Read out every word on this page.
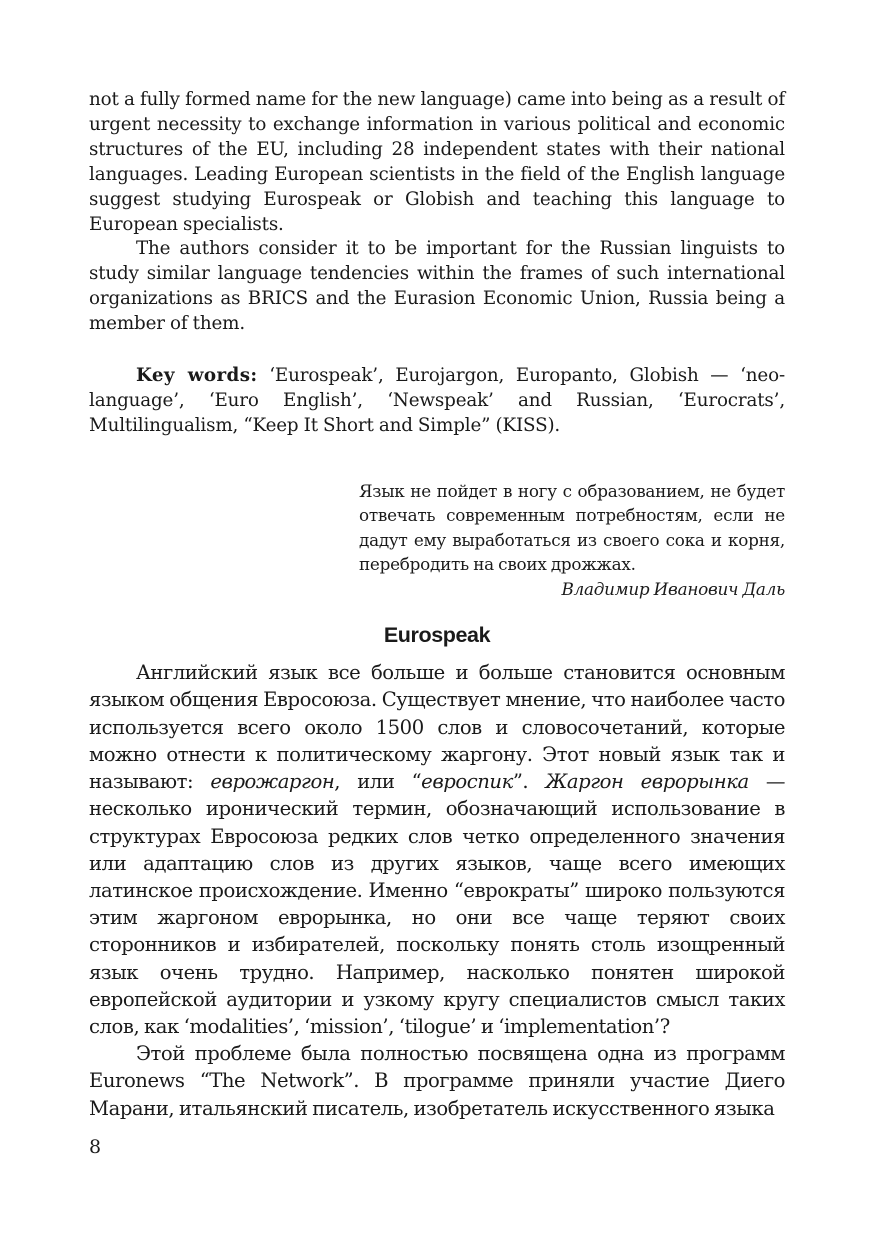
not a fully formed name for the new language) came into being as a result of urgent necessity to exchange information in various political and economic structures of the EU, including 28 independent states with their national languages. Leading European scientists in the field of the English language suggest studying Eurospeak or Globish and teaching this language to European specialists.

The authors consider it to be important for the Russian linguists to study similar language tendencies within the frames of such international organizations as BRICS and the Eurasion Economic Union, Russia being a member of them.

Key words: ‘Eurospeak’, Eurojargon, Europanto, Globish — ‘neo-language’, ‘Euro English’, ‘Newspeak’ and Russian, ‘Eurocrats’, Multilingualism, “Keep It Short and Simple” (KISS).
Язык не пойдет в ногу с образованием, не будет отвечать современным потребностям, если не дадут ему выработаться из своего сока и корня, перебродить на своих дрожжах.
Владимир Иванович Даль
Eurospeak

Английский язык все больше и больше становится основным языком общения Евросоюза. Существует мнение, что наиболее часто используется всего около 1500 слов и словосочетаний, которые можно отнести к политическому жаргону. Этот новый язык так и называют: еврожаргон, или “евроспик”. Жаргон еврорынка — несколько иронический термин, обозначающий использование в структурах Евросоюза редких слов четко определенного значения или адаптацию слов из других языков, чаще всего имеющих латинское происхождение. Именно “еврократы” широко пользуются этим жаргоном еврорынка, но они все чаще теряют своих сторонников и избирателей, поскольку понять столь изощренный язык очень трудно. Например, насколько понятен широкой европейской аудитории и узкому кругу специалистов смысл таких слов, как ‘modalities’, ‘mission’, ‘tilogue’ и ‘implementation’?

Этой проблеме была полностью посвящена одна из программ Euronews “The Network”. В программе приняли участие Диего Марани, итальянский писатель, изобретатель искусственного языка

8
